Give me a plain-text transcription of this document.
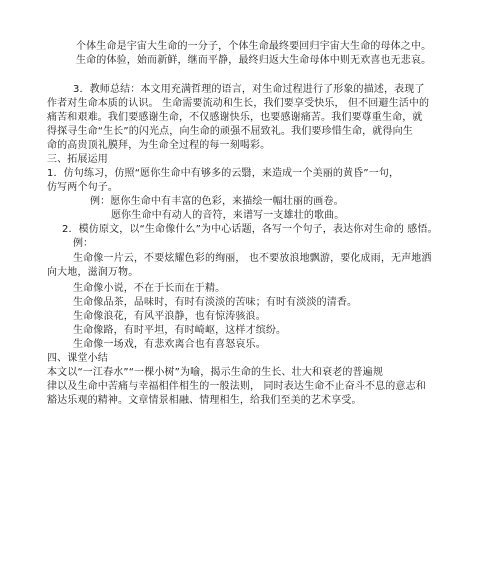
个体生命是宇宙大生命的一分子，个体生命最终要回归宇宙大生命的母体之中。
生命的体验，始而新鲜，继而平静，最终归返大生命母体中则无欢喜也无悲哀。
3．教师总结：本文用充满哲理的语言，对生命过程进行了形象的描述，表现了
作者对生命本质的认识。 生命需要流动和生长，我们要享受快乐， 但不回避生活中的
痛苦和艰难。我们要感谢生命，不仅感谢快乐，也要感谢痛苦。我们要尊重生命，就
得探寻生命“生长”的闪光点，向生命的顽强不屈致礼。我们要珍惜生命，就得向生
命的高贵顶礼膜拜，为生命全过程的每一刻喝彩。
三、拓展运用
1．仿句练习，仿照“愿你生命中有够多的云翳，来造成一个美丽的黄昏”一句，
仿写两个句子。
例：愿你生命中有丰富的色彩，来描绘一幅壮丽的画卷。
愿你生命中有动人的音符，来谱写一支雄壮的歌曲。
2．模仿原文，以“生命像什么”为中心话题，各写一个句子，表达你对生命的 感悟。
例：
生命像一片云，不要炫耀色彩的绚丽， 也不要放浪地飘游，要化成雨，无声地洒
向大地，滋润万物。
生命像小说，不在于长而在于精。
生命像品茶，品味时，有时有淡淡的苦味；有时有淡淡的清香。
生命像浪花，有风平浪静，也有惊涛骇浪。
生命像路，有时平坦，有时崎岖，这样才缤纷。
生命像一场戏，有悲欢离合也有喜怒哀乐。
四、课堂小结
本文以“一江春水”“一棵小树”为喻，揭示生命的生长、壮大和衰老的普遍规
律以及生命中苦痛与幸福相伴相生的一般法则， 同时表达生命不止奋斗不息的意志和
豁达乐观的精神。文章情景相融、情理相生，给我们至美的艺术享受。
